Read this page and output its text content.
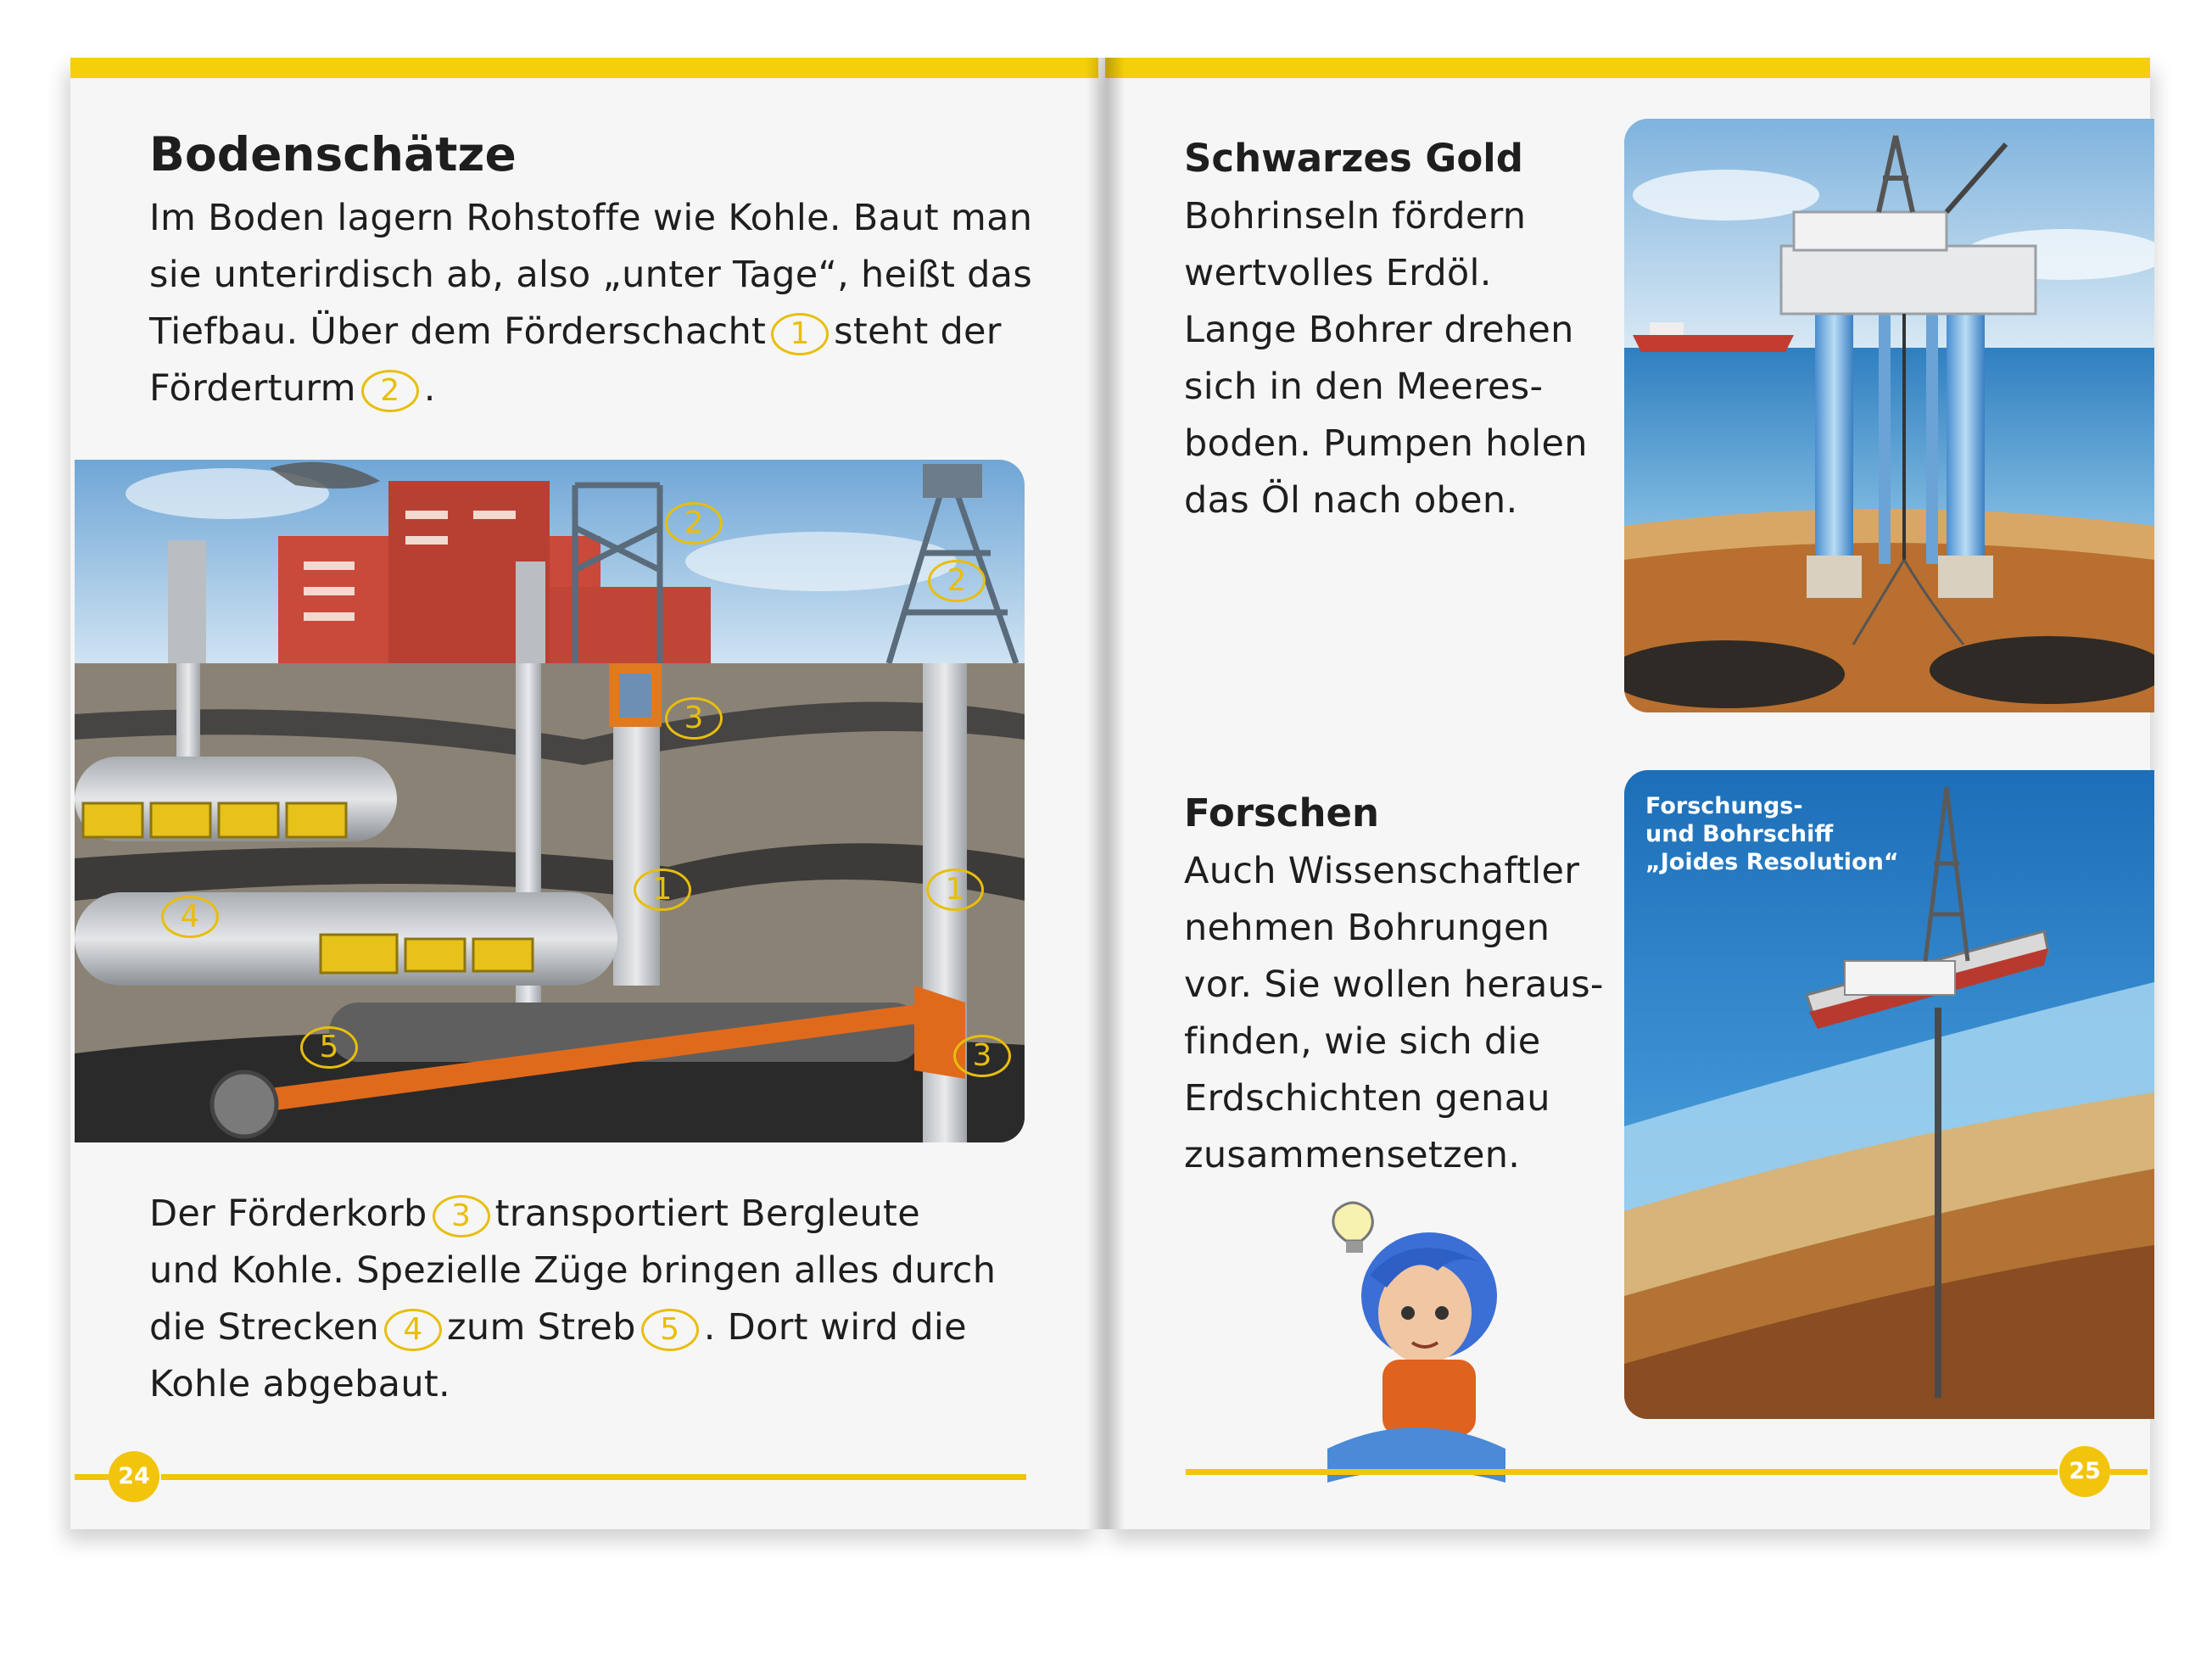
Bodenschätze
Im Boden lagern Rohstoffe wie Kohle. Baut man
sie unterirdisch ab, also „unter Tage“, heißt das
Tiefbau. Über dem Förderschacht 1 steht der
Förderturm 2 .
2
2
3
1	1
4
5	3
Der Förderkorb 3 transportiert Bergleute
und Kohle. Spezielle Züge bringen alles durch
die Strecken 4 zum Streb 5 . Dort wird die
Kohle abgebaut.
24
Schwarzes Gold
Bohrinseln fördern
wertvolles Erdöl.
Lange Bohrer drehen
sich in den Meeres-
boden. Pumpen holen
das Öl nach oben.
Forschen
Auch Wissenschaftler
nehmen Bohrungen
vor. Sie wollen heraus-
finden, wie sich die
Erdschichten genau
zusammensetzen.
Forschungs-
und Bohrschiff
„Joides Resolution“
25
